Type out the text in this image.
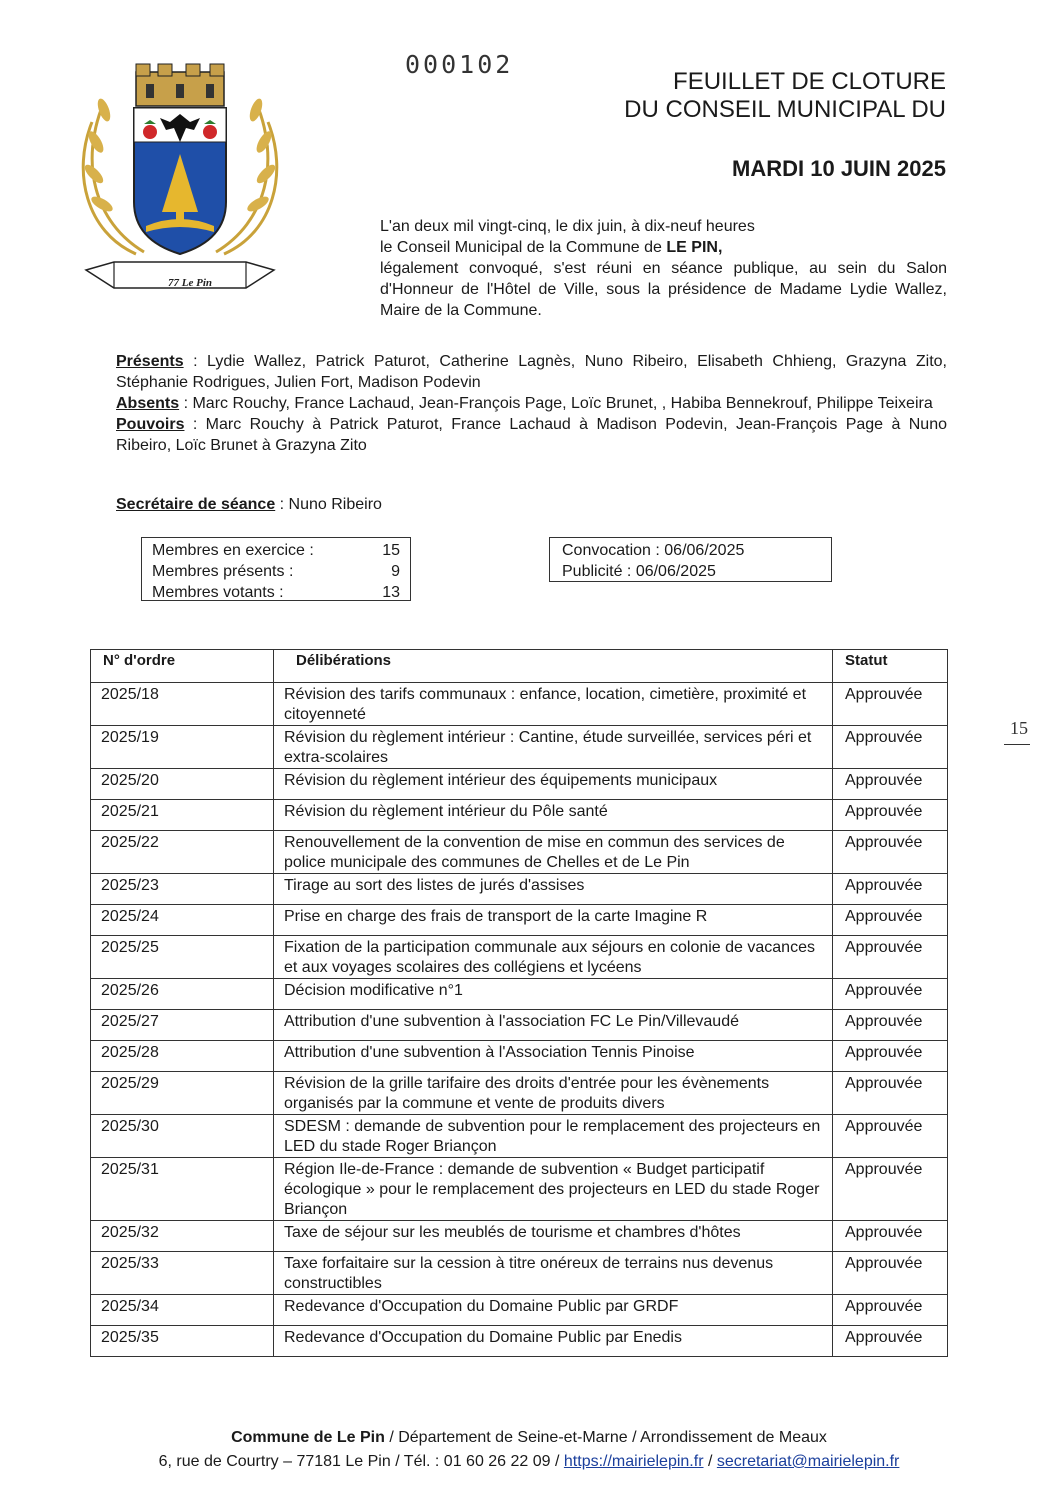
77 Le Pin
000102
FEUILLET DE CLOTURE
DU CONSEIL MUNICIPAL DU
MARDI 10 JUIN 2025

L'an deux mil vingt-cinq, le dix juin, à dix-neuf heures

le Conseil Municipal de la Commune de LE PIN,

légalement convoqué, s'est réuni en séance publique, au sein du Salon d'Honneur de l'Hôtel de Ville, sous la présidence de Madame Lydie Wallez, Maire de la Commune.

Présents : Lydie Wallez, Patrick Paturot, Catherine Lagnès, Nuno Ribeiro, Elisabeth Chhieng, Grazyna Zito, Stéphanie Rodrigues, Julien Fort, Madison Podevin

Absents : Marc Rouchy, France Lachaud, Jean-François Page, Loïc Brunet, , Habiba Bennekrouf, Philippe Teixeira

Pouvoirs : Marc Rouchy à Patrick Paturot, France Lachaud à Madison Podevin, Jean-François Page à Nuno Ribeiro, Loïc Brunet à Grazyna Zito

Secrétaire de séance : Nuno Ribeiro
Membres en exercice :	15
Membres présents :	9
Membres votants :	13
Convocation : 06/06/2025
Publicité : 06/06/2025
N° d'ordre	Délibérations	Statut
2025/18	Révision des tarifs communaux : enfance, location, cimetière, proximité et citoyenneté	Approuvée
2025/19	Révision du règlement intérieur : Cantine, étude surveillée, services péri et extra-scolaires	Approuvée
2025/20	Révision du règlement intérieur des équipements municipaux	Approuvée
2025/21	Révision du règlement intérieur du Pôle santé	Approuvée
2025/22	Renouvellement de la convention de mise en commun des services de police municipale des communes de Chelles et de Le Pin	Approuvée
2025/23	Tirage au sort des listes de jurés d'assises	Approuvée
2025/24	Prise en charge des frais de transport de la carte Imagine R	Approuvée
2025/25	Fixation de la participation communale aux séjours en colonie de vacances et aux voyages scolaires des collégiens et lycéens	Approuvée
2025/26	Décision modificative n°1	Approuvée
2025/27	Attribution d'une subvention à l'association FC Le Pin/Villevaudé	Approuvée
2025/28	Attribution d'une subvention à l'Association Tennis Pinoise	Approuvée
2025/29	Révision de la grille tarifaire des droits d'entrée pour les évènements organisés par la commune et vente de produits divers	Approuvée
2025/30	SDESM : demande de subvention pour le remplacement des projecteurs en LED du stade Roger Briançon	Approuvée
2025/31	Région Ile-de-France : demande de subvention « Budget participatif écologique » pour le remplacement des projecteurs en LED du stade Roger Briançon	Approuvée
2025/32	Taxe de séjour sur les meublés de tourisme et chambres d'hôtes	Approuvée
2025/33	Taxe forfaitaire sur la cession à titre onéreux de terrains nus devenus constructibles	Approuvée
2025/34	Redevance d'Occupation du Domaine Public par GRDF	Approuvée
2025/35	Redevance d'Occupation du Domaine Public par Enedis	Approuvée
15

Commune de Le Pin / Département de Seine-et-Marne / Arrondissement de Meaux

6, rue de Courtry – 77181 Le Pin / Tél. : 01 60 26 22 09 / https://mairielepin.fr / secretariat@mairielepin.fr
